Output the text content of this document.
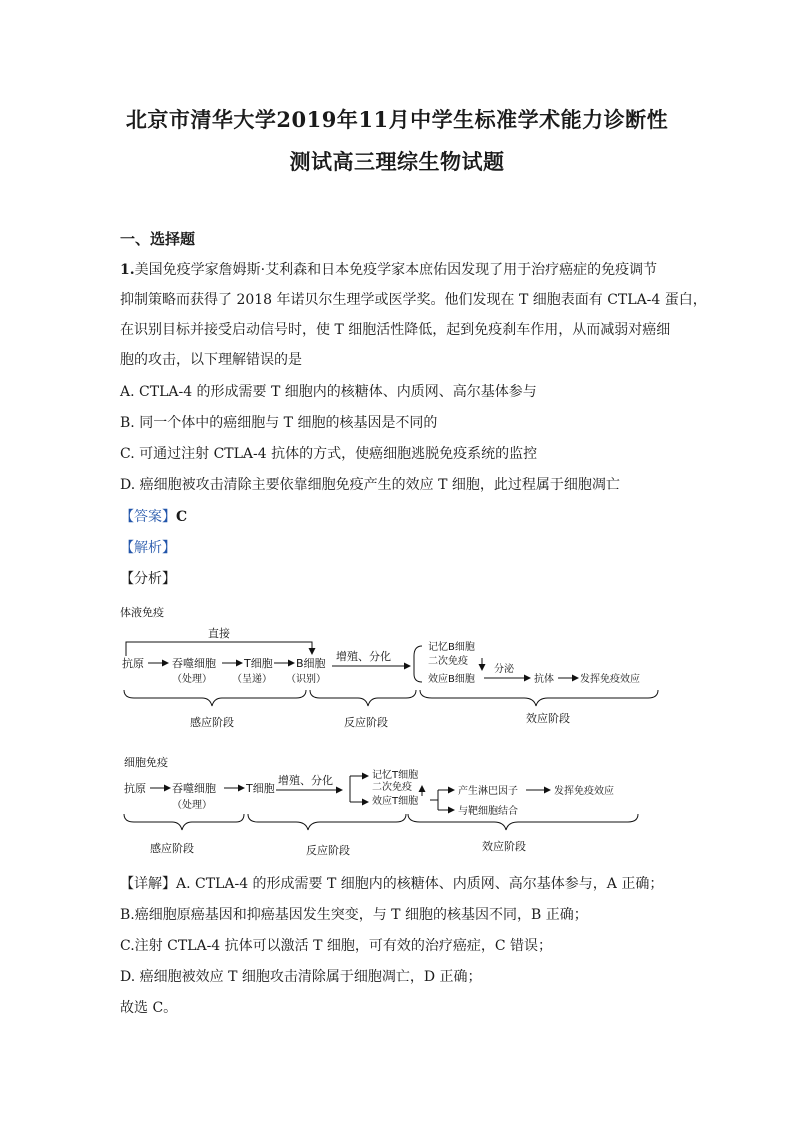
北京市清华大学2019年11月中学生标准学术能力诊断性
测试高三理综生物试题
一、选择题
1.美国免疫学家詹姆斯·艾利森和日本免疫学家本庶佑因发现了用于治疗癌症的免疫调节
抑制策略而获得了 2018 年诺贝尔生理学或医学奖。他们发现在 T 细胞表面有 CTLA-4 蛋白，
在识别目标并接受启动信号时，使 T 细胞活性降低，起到免疫刹车作用，从而减弱对癌细
胞的攻击，以下理解错误的是
A. CTLA-4 的形成需要 T 细胞内的核糖体、内质网、高尔基体参与
B. 同一个体中的癌细胞与 T 细胞的核基因是不同的
C. 可通过注射 CTLA-4 抗体的方式，使癌细胞逃脱免疫系统的监控
D. 癌细胞被攻击清除主要依靠细胞免疫产生的效应 T 细胞，此过程属于细胞凋亡
【答案】C
【解析】
【分析】
体液免疫
直接
抗原	吞噬细胞
（处理）
T细胞
（呈递）
B细胞
（识别）
增殖、分化
记忆B细胞
二次免疫
效应B细胞
分泌
抗体	发挥免疫效应
感应阶段	反应阶段	效应阶段
细胞免疫
抗原 吞噬细胞
（处理）
T细胞
增殖、分化	记忆T细胞
二次免疫
效应T细胞
产生淋巴因子	发挥免疫效应
与靶细胞结合
感应阶段	反应阶段	效应阶段
【详解】A. CTLA-4 的形成需要 T 细胞内的核糖体、内质网、高尔基体参与，A 正确；
B.癌细胞原癌基因和抑癌基因发生突变，与 T 细胞的核基因不同，B 正确；
C.注射 CTLA-4 抗体可以激活 T 细胞，可有效的治疗癌症，C 错误；
D. 癌细胞被效应 T 细胞攻击清除属于细胞凋亡，D 正确；
故选 C。
